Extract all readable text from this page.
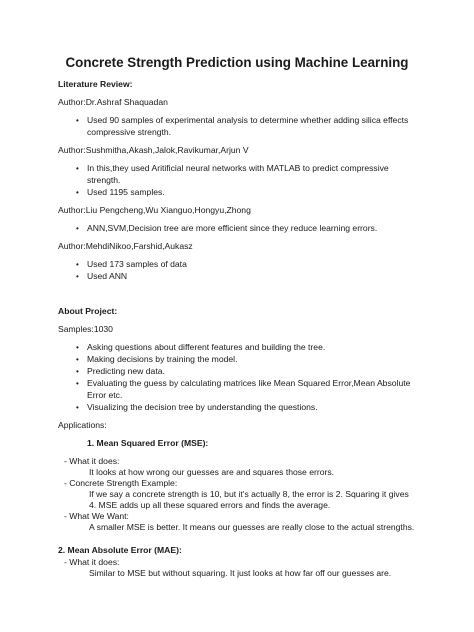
Concrete Strength Prediction using Machine Learning
Literature Review:
Author:Dr.Ashraf Shaquadan
• Used 90 samples of experimental analysis to determine whether adding silica effects
compressive strength.
Author:Sushmitha,Akash,Jalok,Ravikumar,Arjun V
• In this,they used Aritificial neural networks with MATLAB to predict compressive
strength.
• Used 1195 samples.
Author:Liu Pengcheng,Wu Xianguo,Hongyu,Zhong
• ANN,SVM,Decision tree are more efficient since they reduce learning errors.
Author:MehdiNikoo,Farshid,Aukasz
• Used 173 samples of data
• Used ANN
About Project:
Samples:1030
• Asking questions about different features and building the tree.
• Making decisions by training the model.
• Predicting new data.
• Evaluating the guess by calculating matrices like Mean Squared Error,Mean Absolute
Error etc.
• Visualizing the decision tree by understanding the questions.
Applications:
1. Mean Squared Error (MSE):
- What it does:
It looks at how wrong our guesses are and squares those errors.
- Concrete Strength Example:
If we say a concrete strength is 10, but it's actually 8, the error is 2. Squaring it gives
4. MSE adds up all these squared errors and finds the average.
- What We Want:
A smaller MSE is better. It means our guesses are really close to the actual strengths.
2. Mean Absolute Error (MAE):
- What it does:
Similar to MSE but without squaring. It just looks at how far off our guesses are.
